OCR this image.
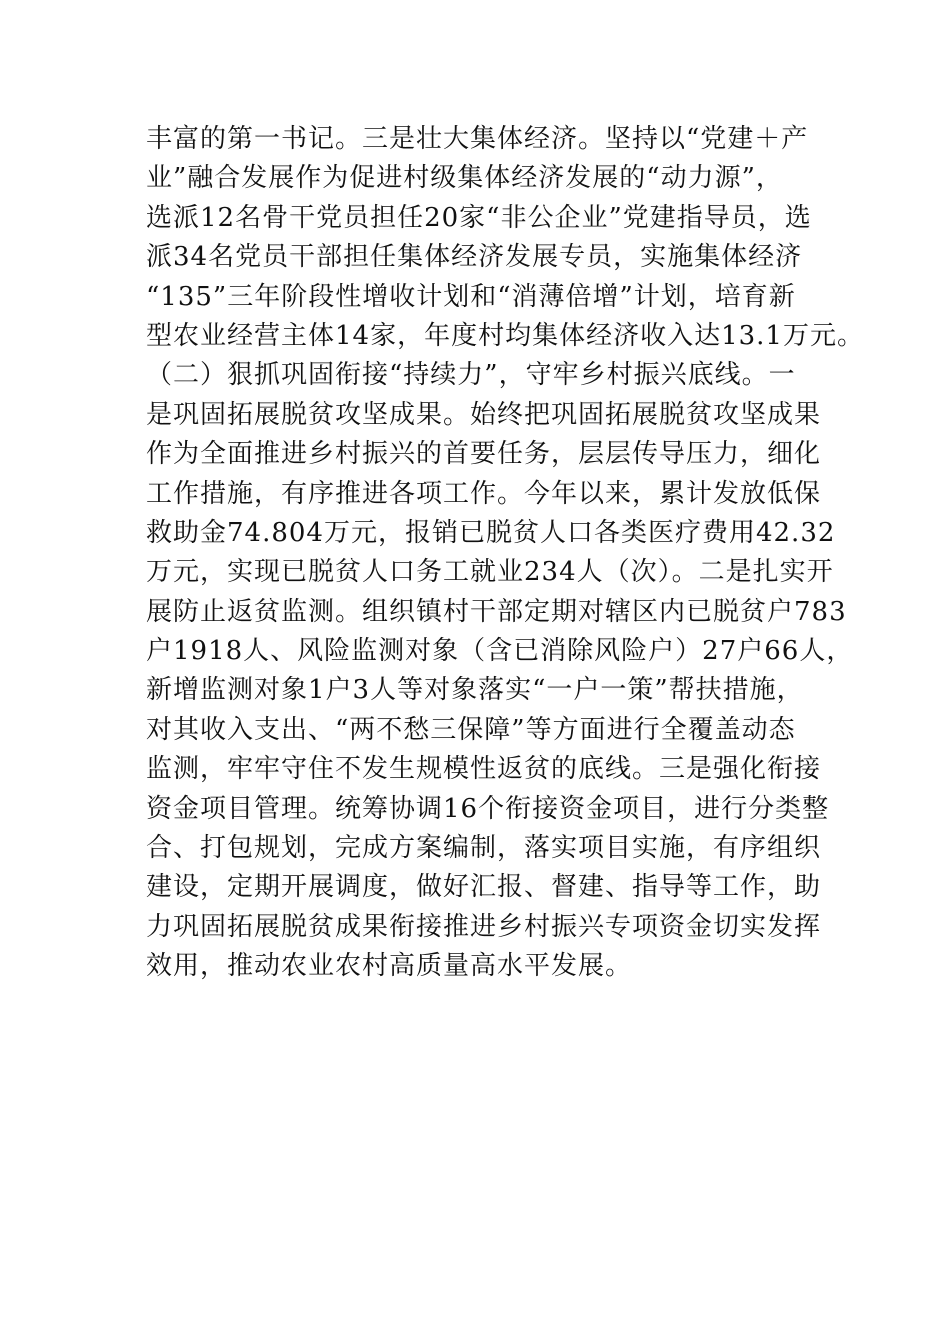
丰富的第一书记。三是壮大集体经济。坚持以“党建＋产
业”融合发展作为促进村级集体经济发展的“动力源”，
选派12名骨干党员担任20家“非公企业”党建指导员，选
派34名党员干部担任集体经济发展专员，实施集体经济
“135”三年阶段性增收计划和“消薄倍增”计划，培育新
型农业经营主体14家，年度村均集体经济收入达13.1万元。
（二）狠抓巩固衔接“持续力”，守牢乡村振兴底线。一
是巩固拓展脱贫攻坚成果。始终把巩固拓展脱贫攻坚成果
作为全面推进乡村振兴的首要任务，层层传导压力，细化
工作措施，有序推进各项工作。今年以来，累计发放低保
救助金74.804万元，报销已脱贫人口各类医疗费用42.32
万元，实现已脱贫人口务工就业234人（次）。二是扎实开
展防止返贫监测。组织镇村干部定期对辖区内已脱贫户783
户1918人、风险监测对象（含已消除风险户）27户66人，
新增监测对象1户3人等对象落实“一户一策”帮扶措施，
对其收入支出、“两不愁三保障”等方面进行全覆盖动态
监测，牢牢守住不发生规模性返贫的底线。三是强化衔接
资金项目管理。统筹协调16个衔接资金项目，进行分类整
合、打包规划，完成方案编制，落实项目实施，有序组织
建设，定期开展调度，做好汇报、督建、指导等工作，助
力巩固拓展脱贫成果衔接推进乡村振兴专项资金切实发挥
效用，推动农业农村高质量高水平发展。
